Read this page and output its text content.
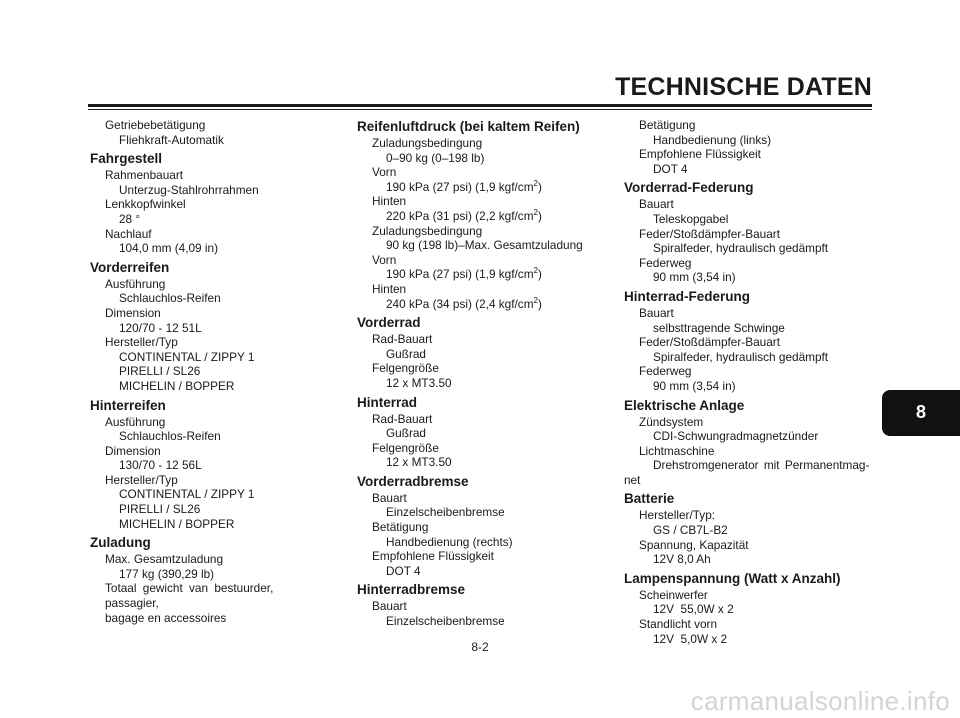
TECHNISCHE DATEN
Getriebebetätigung
Fliehkraft-Automatik
Fahrgestell
Rahmenbauart
Unterzug-Stahlrohrrahmen
Lenkkopfwinkel
28 °
Nachlauf
104,0 mm (4,09 in)
Vorderreifen
Ausführung
Schlauchlos-Reifen
Dimension
120/70 - 12 51L
Hersteller/Typ
CONTINENTAL / ZIPPY 1
PIRELLI / SL26
MICHELIN / BOPPER
Hinterreifen
Ausführung
Schlauchlos-Reifen
Dimension
130/70 - 12 56L
Hersteller/Typ
CONTINENTAL / ZIPPY 1
PIRELLI / SL26
MICHELIN / BOPPER
Zuladung
Max. Gesamtzuladung
177 kg (390,29 lb)
Totaal gewicht van bestuurder, passagier,
bagage en accessoires
Reifenluftdruck (bei kaltem Reifen)
Zuladungsbedingung
0–90 kg (0–198 lb)
Vorn
190 kPa (27 psi) (1,9 kgf/$cm^2$)
Hinten
220 kPa (31 psi) (2,2 kgf/$cm^2$)
Zuladungsbedingung
90 kg (198 lb)–Max. Gesamtzuladung
Vorn
190 kPa (27 psi) (1,9 kgf/$cm^2$)
Hinten
240 kPa (34 psi) (2,4 kgf/$cm^2$)
Vorderrad
Rad-Bauart
Gußrad
Felgengröße
12 x MT3.50
Hinterrad
Rad-Bauart
Gußrad
Felgengröße
12 x MT3.50
Vorderradbremse
Bauart
Einzelscheibenbremse
Betätigung
Handbedienung (rechts)
Empfohlene Flüssigkeit
DOT 4
Hinterradbremse
Bauart
Einzelscheibenbremse
Betätigung
Handbedienung (links)
Empfohlene Flüssigkeit
DOT 4
Vorderrad-Federung
Bauart
Teleskopgabel
Feder/Stoßdämpfer-Bauart
Spiralfeder, hydraulisch gedämpft
Federweg
90 mm (3,54 in)
Hinterrad-Federung
Bauart
selbsttragende Schwinge
Feder/Stoßdämpfer-Bauart
Spiralfeder, hydraulisch gedämpft
Federweg
90 mm (3,54 in)
Elektrische Anlage
Zündsystem
CDI-Schwungradmagnetzünder
Lichtmaschine
Drehstromgenerator mit Permanentmag-
net
Batterie
Hersteller/Typ:
GS / CB7L-B2
Spannung, Kapazität
12V 8,0 Ah
Lampenspannung (Watt x Anzahl)
Scheinwerfer
12V  55,0W x 2
Standlicht vorn
12V  5,0W x 2
8-2
8
carmanualsonline.info
